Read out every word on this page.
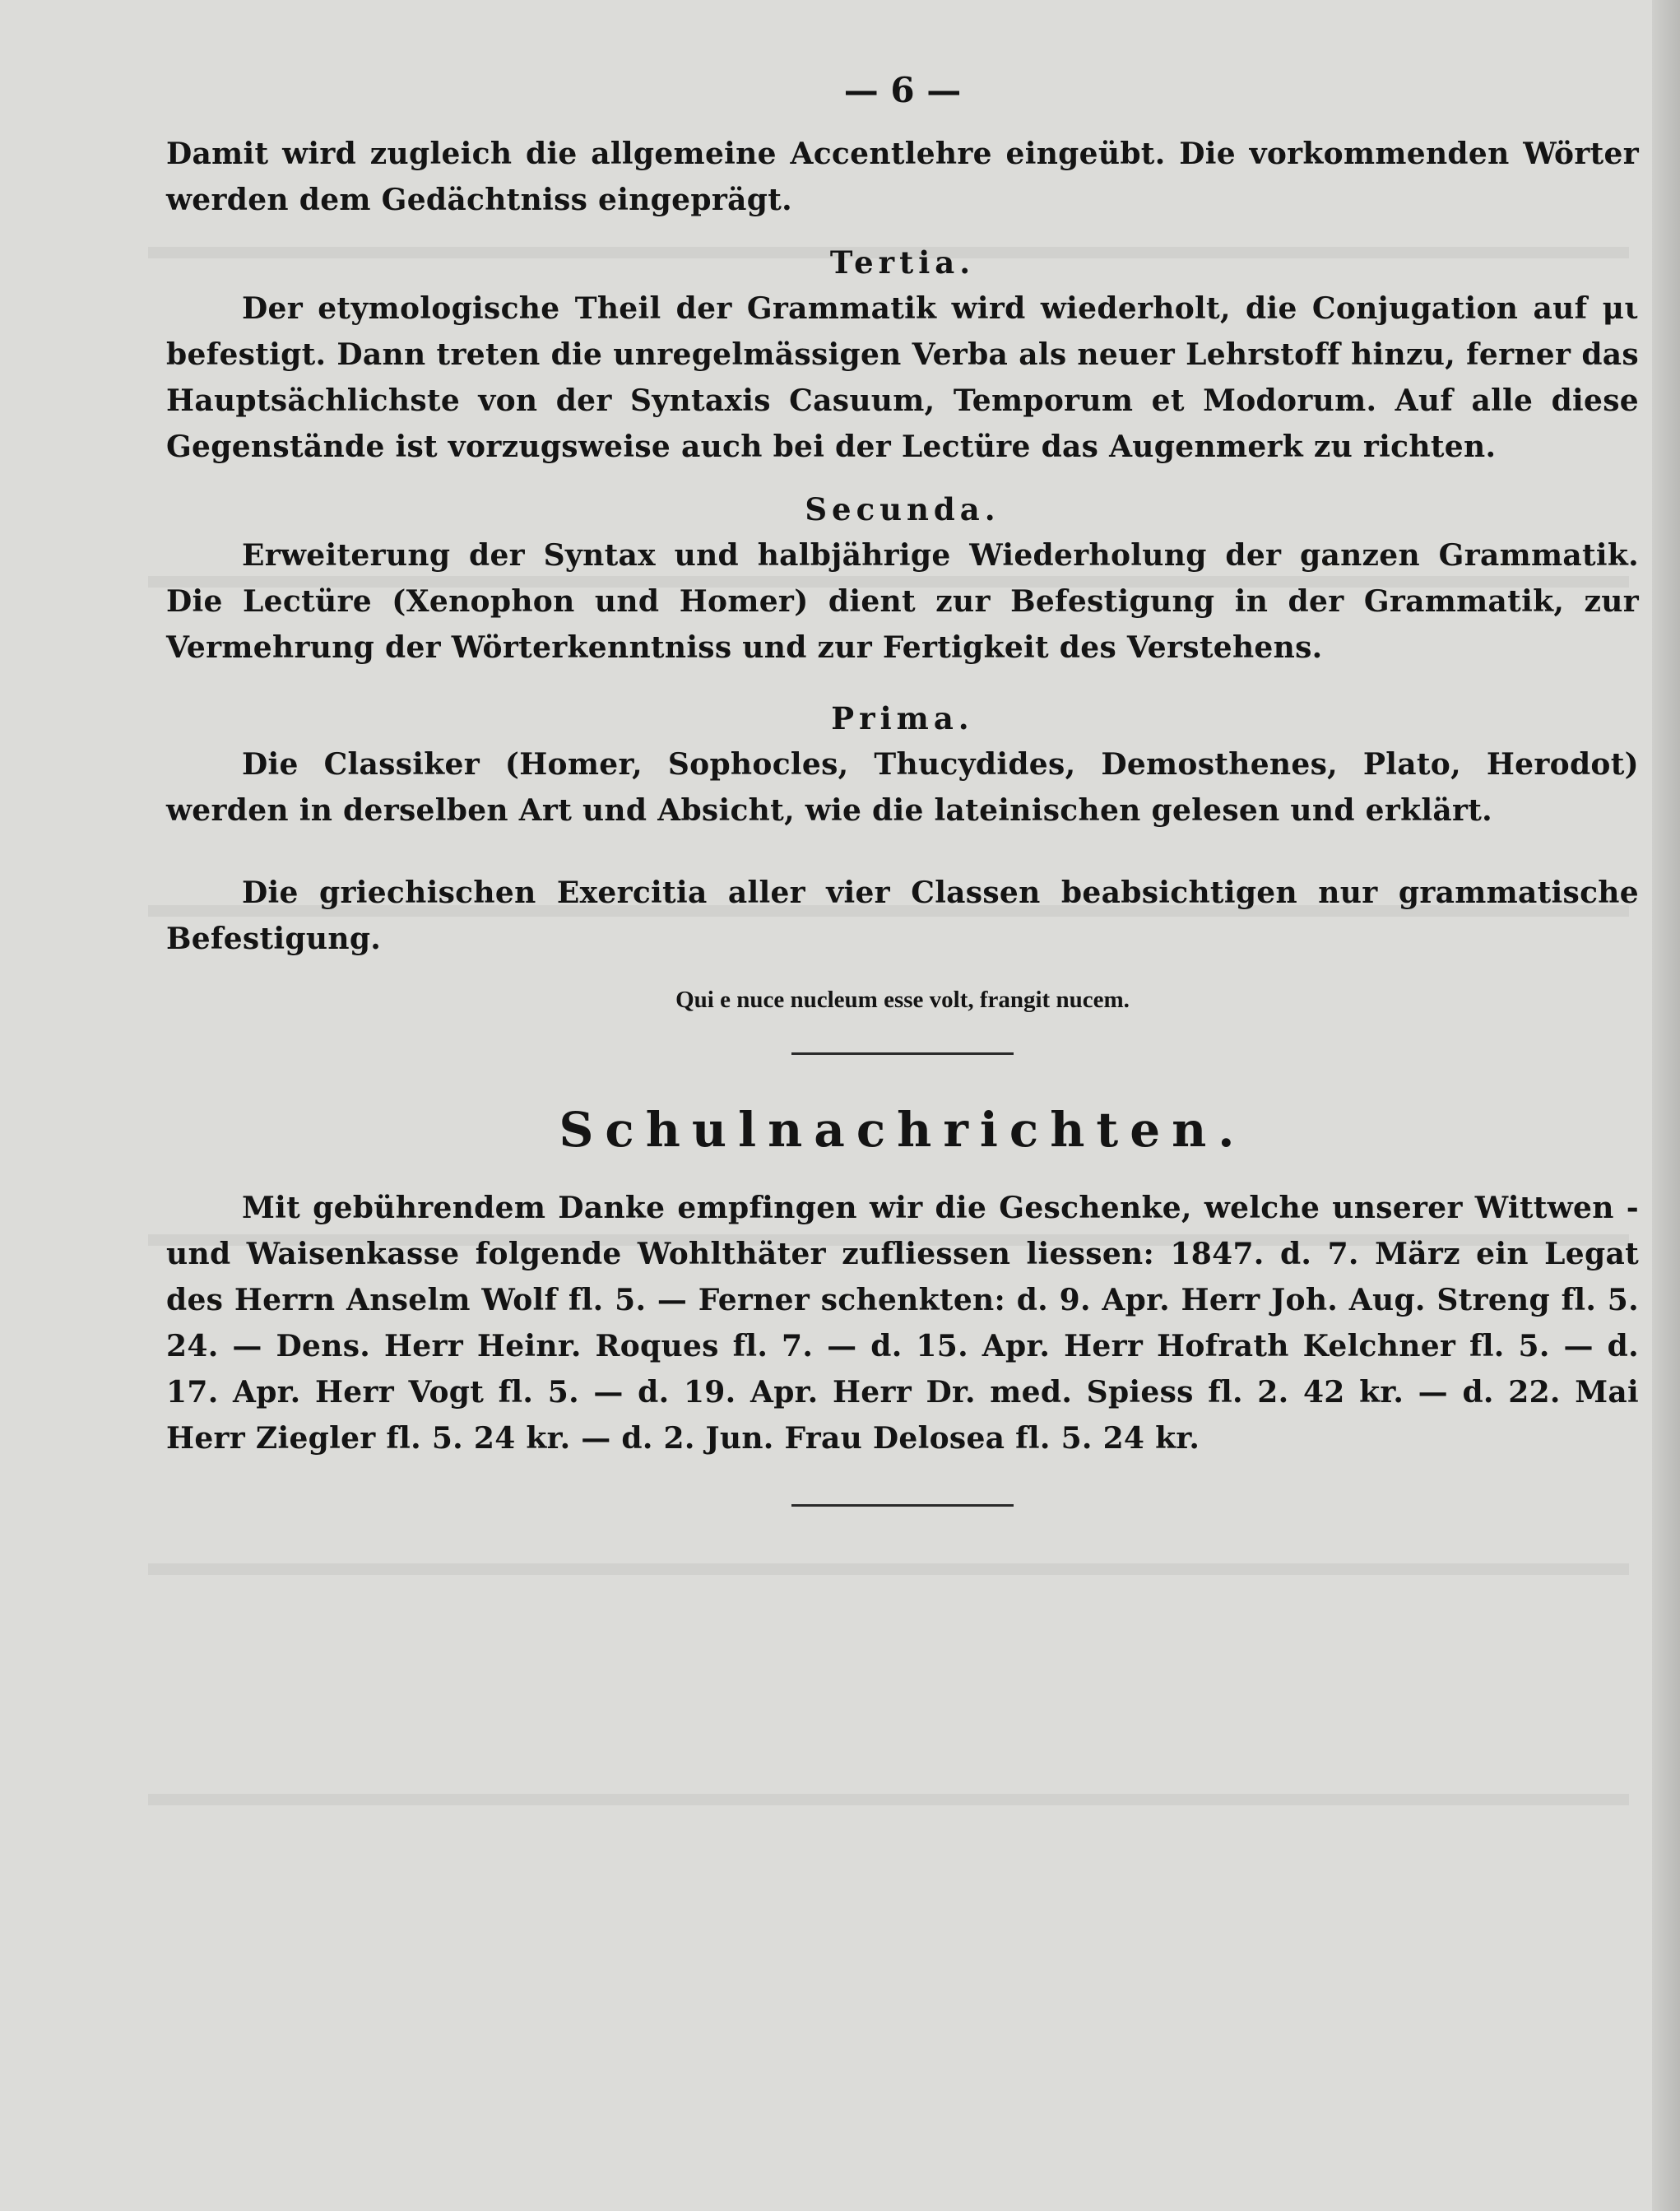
— 6 —

Damit wird zugleich die allgemeine Accentlehre eingeübt. Die vorkommenden Wörter werden dem Gedächtniss eingeprägt.

Tertia.

Der etymologische Theil der Grammatik wird wiederholt, die Conjugation auf μι befestigt. Dann treten die unregelmässigen Verba als neuer Lehrstoff hinzu, ferner das Hauptsächlichste von der Syntaxis Casuum, Temporum et Modorum. Auf alle diese Gegenstände ist vorzugsweise auch bei der Lectüre das Augenmerk zu richten.

Secunda.

Erweiterung der Syntax und halbjährige Wiederholung der ganzen Grammatik. Die Lectüre (Xenophon und Homer) dient zur Befestigung in der Grammatik, zur Vermehrung der Wörterkenntniss und zur Fertigkeit des Verstehens.

Prima.

Die Classiker (Homer, Sophocles, Thucydides, Demosthenes, Plato, Herodot) werden in derselben Art und Absicht, wie die lateinischen gelesen und erklärt.

Die griechischen Exercitia aller vier Classen beabsichtigen nur grammatische Befestigung.

Qui e nuce nucleum esse volt, frangit nucem.
Schulnachrichten.

Mit gebührendem Danke empfingen wir die Geschenke, welche unserer Wittwen - und Waisenkasse folgende Wohlthäter zufliessen liessen: 1847. d. 7. März ein Legat des Herrn Anselm Wolf fl. 5. — Ferner schenkten: d. 9. Apr. Herr Joh. Aug. Streng fl. 5. 24. — Dens. Herr Heinr. Roques fl. 7. — d. 15. Apr. Herr Hofrath Kelchner fl. 5. — d. 17. Apr. Herr Vogt fl. 5. — d. 19. Apr. Herr Dr. med. Spiess fl. 2. 42 kr. — d. 22. Mai Herr Ziegler fl. 5. 24 kr. — d. 2. Jun. Frau Delosea fl. 5. 24 kr.
